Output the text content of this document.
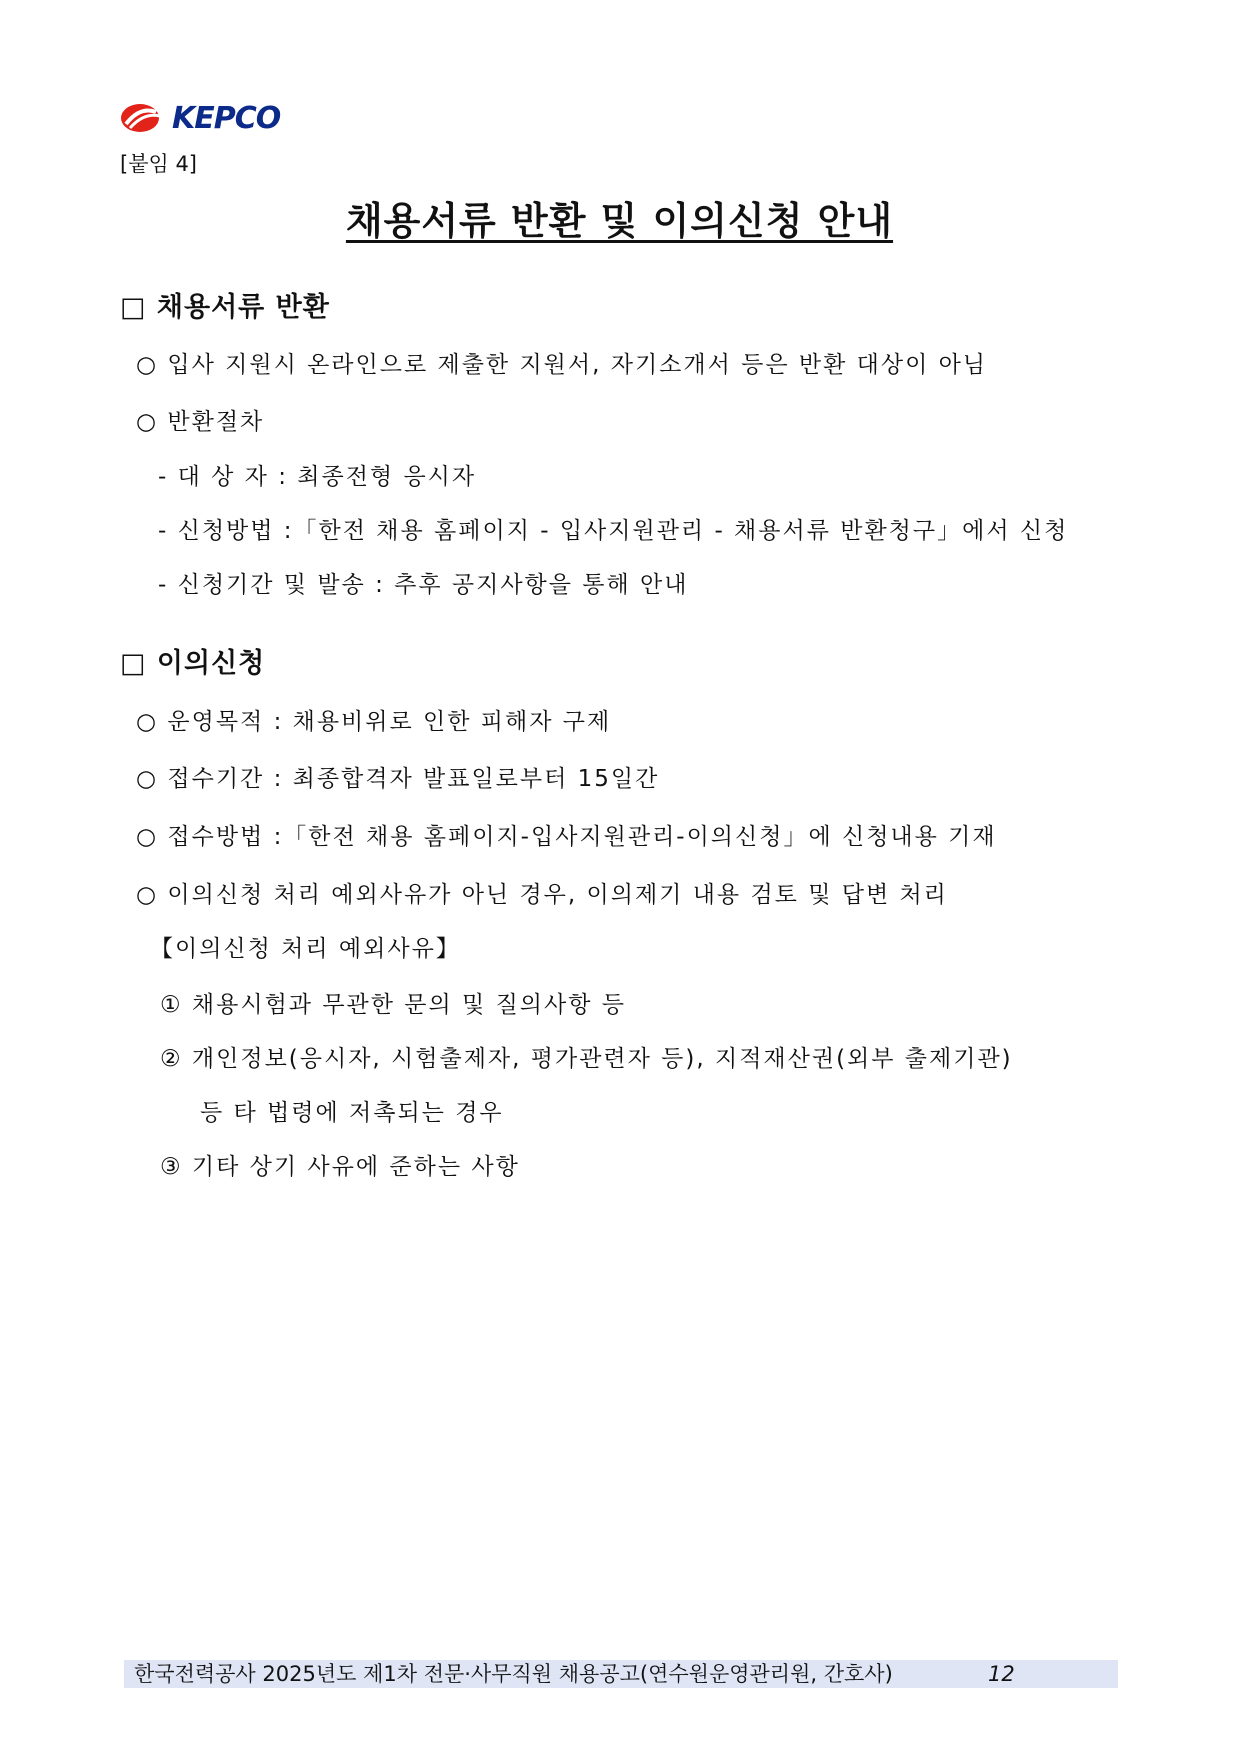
KEPCO
[붙임 4]
채용서류 반환 및 이의신청 안내
□ 채용서류 반환
○ 입사 지원시 온라인으로 제출한 지원서, 자기소개서 등은 반환 대상이 아님
○ 반환절차
- 대 상 자 : 최종전형 응시자
- 신청방법 :「한전 채용 홈페이지 - 입사지원관리 - 채용서류 반환청구」에서 신청
- 신청기간 및 발송 : 추후 공지사항을 통해 안내
□ 이의신청
○ 운영목적 : 채용비위로 인한 피해자 구제
○ 접수기간 : 최종합격자 발표일로부터 15일간
○ 접수방법 :「한전 채용 홈페이지-입사지원관리-이의신청」에 신청내용 기재
○ 이의신청 처리 예외사유가 아닌 경우, 이의제기 내용 검토 및 답변 처리
【이의신청 처리 예외사유】
① 채용시험과 무관한 문의 및 질의사항 등
② 개인정보(응시자, 시험출제자, 평가관련자 등), 지적재산권(외부 출제기관)
등 타 법령에 저촉되는 경우
③ 기타 상기 사유에 준하는 사항
한국전력공사 2025년도 제1차 전문·사무직원 채용공고(연수원운영관리원, 간호사)	12
